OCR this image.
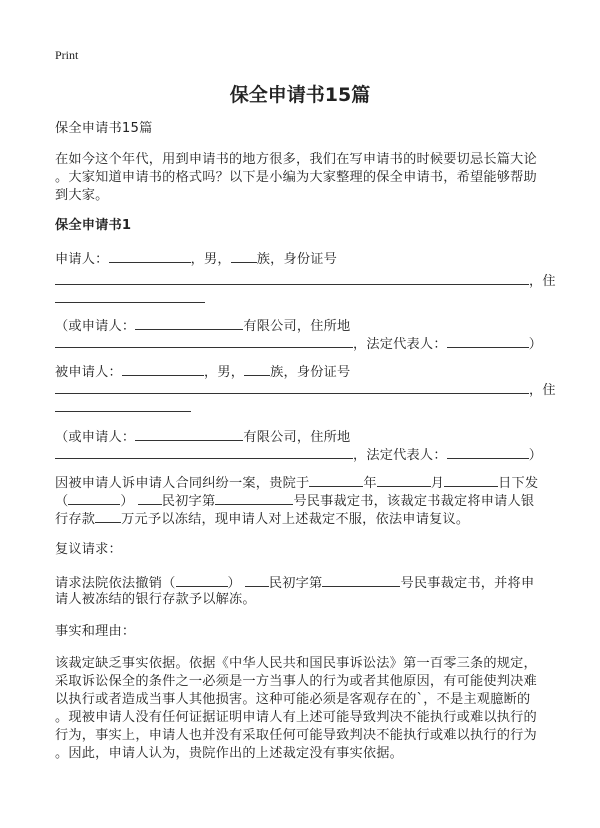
Print
保全申请书15篇
保全申请书15篇
在如今这个年代，用到申请书的地方很多，我们在写申请书的时候要切忌长篇大论
。大家知道申请书的格式吗？以下是小编为大家整理的保全申请书，希望能够帮助
到大家。
保全申请书1
申请人：	，男， 族，身份证号
，住
（或申请人：	有限公司，住所地
，法定代表人：	）
被申请人：	，男， 族，身份证号
，住
（或申请人：	有限公司，住所地
，法定代表人：	）
因被申请人诉申请人合同纠纷一案，贵院于	年	月	日下发
（	） 民初字第	号民事裁定书，该裁定书裁定将申请人银
行存款 万元予以冻结，现申请人对上述裁定不服，依法申请复议。
复议请求：
请求法院依法撤销（	） 民初字第	号民事裁定书，并将申
请人被冻结的银行存款予以解冻。
事实和理由：
该裁定缺乏事实依据。依据《中华人民共和国民事诉讼法》第一百零三条的规定，
采取诉讼保全的条件之一必须是一方当事人的行为或者其他原因，有可能使判决难
以执行或者造成当事人其他损害。这种可能必须是客观存在的`，不是主观臆断的
。现被申请人没有任何证据证明申请人有上述可能导致判决不能执行或难以执行的
行为，事实上，申请人也并没有采取任何可能导致判决不能执行或难以执行的行为
。因此，申请人认为，贵院作出的上述裁定没有事实依据。
